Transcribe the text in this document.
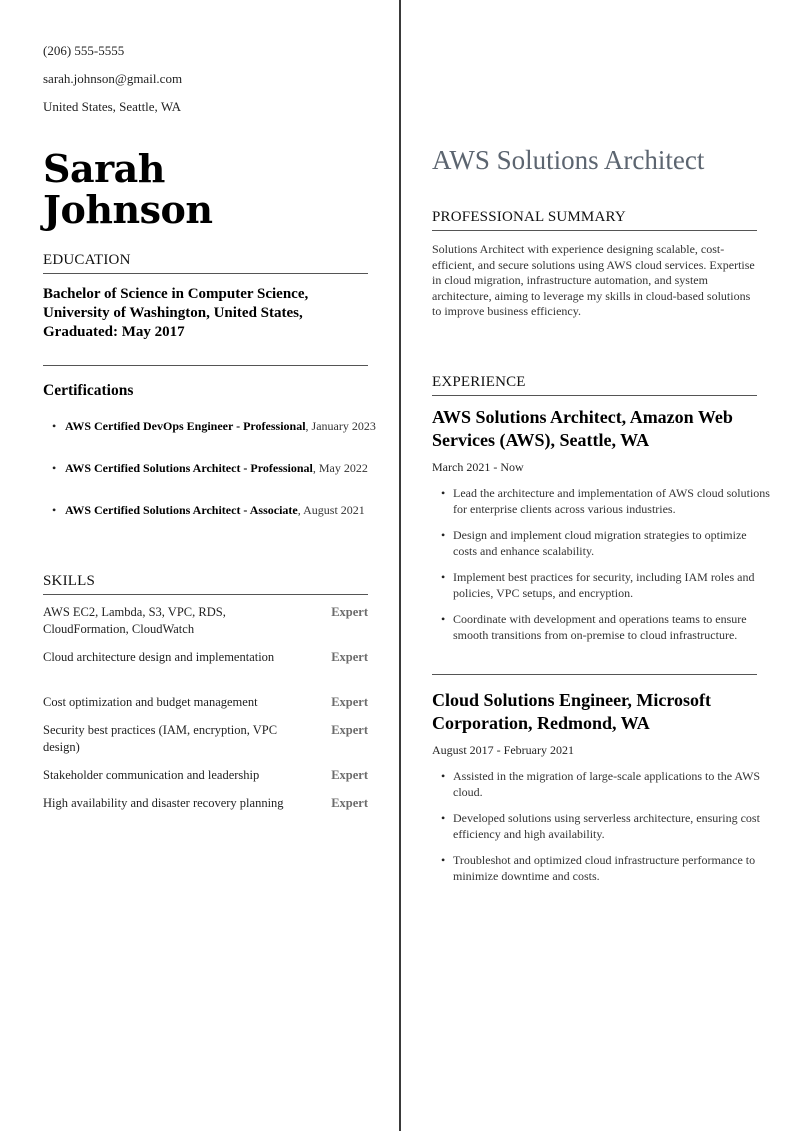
(206) 555-5555
sarah.johnson@gmail.com
United States, Seattle, WA
Sarah
Johnson
EDUCATION
Bachelor of Science in Computer Science, University of Washington, United States, Graduated: May 2017
Certifications
• AWS Certified DevOps Engineer - Professional, January 2023
• AWS Certified Solutions Architect - Professional, May 2022
• AWS Certified Solutions Architect - Associate, August 2021
SKILLS
AWS EC2, Lambda, S3, VPC, RDS, CloudFormation, CloudWatch
Expert
Cloud architecture design and implementation	Expert
Cost optimization and budget management	Expert
Security best practices (IAM, encryption, VPC design)
Expert
Stakeholder communication and leadership	Expert
High availability and disaster recovery planning	Expert
AWS Solutions Architect
PROFESSIONAL SUMMARY

Solutions Architect with experience designing scalable, cost-efficient, and secure solutions using AWS cloud services. Expertise in cloud migration, infrastructure automation, and system architecture, aiming to leverage my skills in cloud-based solutions to improve business efficiency.

EXPERIENCE
AWS Solutions Architect, Amazon Web Services (AWS), Seattle, WA
March 2021 - Now
• Lead the architecture and implementation of AWS cloud solutions for enterprise clients across various industries.
• Design and implement cloud migration strategies to optimize costs and enhance scalability.
• Implement best practices for security, including IAM roles and policies, VPC setups, and encryption.
• Coordinate with development and operations teams to ensure smooth transitions from on-premise to cloud infrastructure.
Cloud Solutions Engineer, Microsoft Corporation, Redmond, WA
August 2017 - February 2021
• Assisted in the migration of large-scale applications to the AWS cloud.
• Developed solutions using serverless architecture, ensuring cost efficiency and high availability.
• Troubleshot and optimized cloud infrastructure performance to minimize downtime and costs.
